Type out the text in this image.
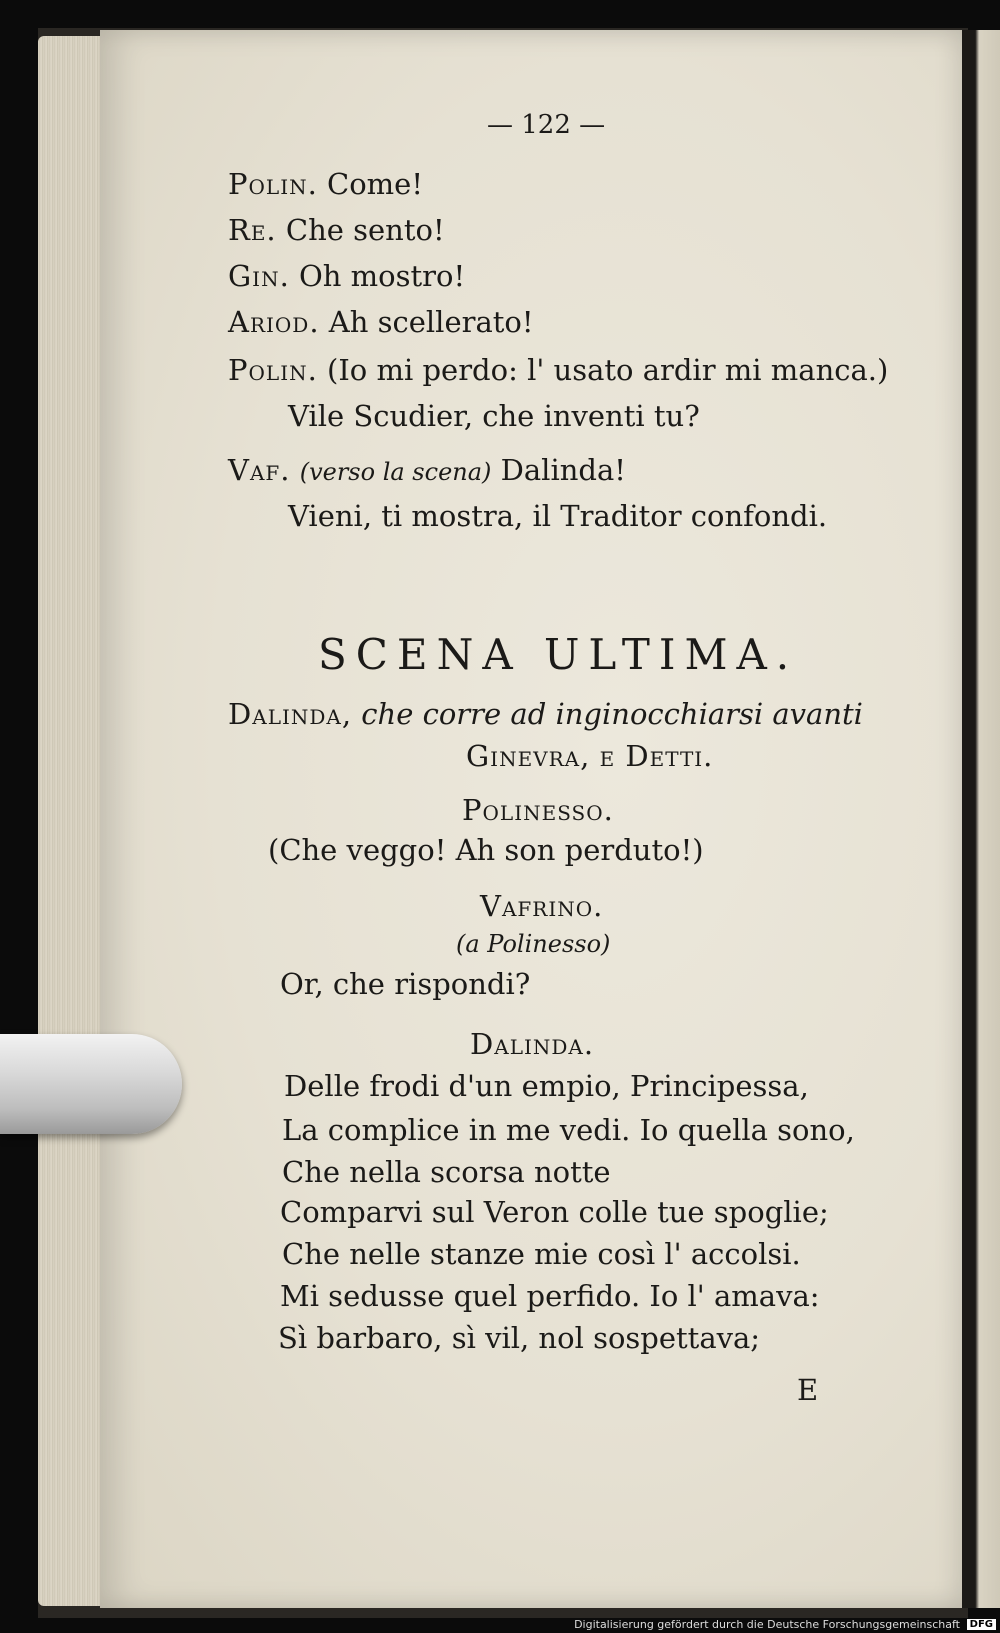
— 122 —
Polin. Come!
Re. Che sento!
Gin. Oh mostro!
Ariod. Ah scellerato!
Polin. (Io mi perdo: l' usato ardir mi manca.)
Vile Scudier, che inventi tu?
Vaf. (verso la scena) Dalinda!
Vieni, ti mostra, il Traditor confondi.
SCENA ULTIMA.
Dalinda, che corre ad inginocchiarsi avanti
Ginevra, e Detti.
Polinesso.
(Che veggo! Ah son perduto!)
Vafrino.
(a Polinesso)
Or, che rispondi?
Dalinda.
Delle frodi d'un empio, Principessa,
La complice in me vedi. Io quella sono,
Che nella scorsa notte
Comparvi sul Veron colle tue spoglie;
Che nelle stanze mie così l' accolsi.
Mi sedusse quel perfido. Io l' amava:
Sì barbaro, sì vil, nol sospettava;
E
Digitalisierung gefördert durch die Deutsche Forschungsgemeinschaft DFG
